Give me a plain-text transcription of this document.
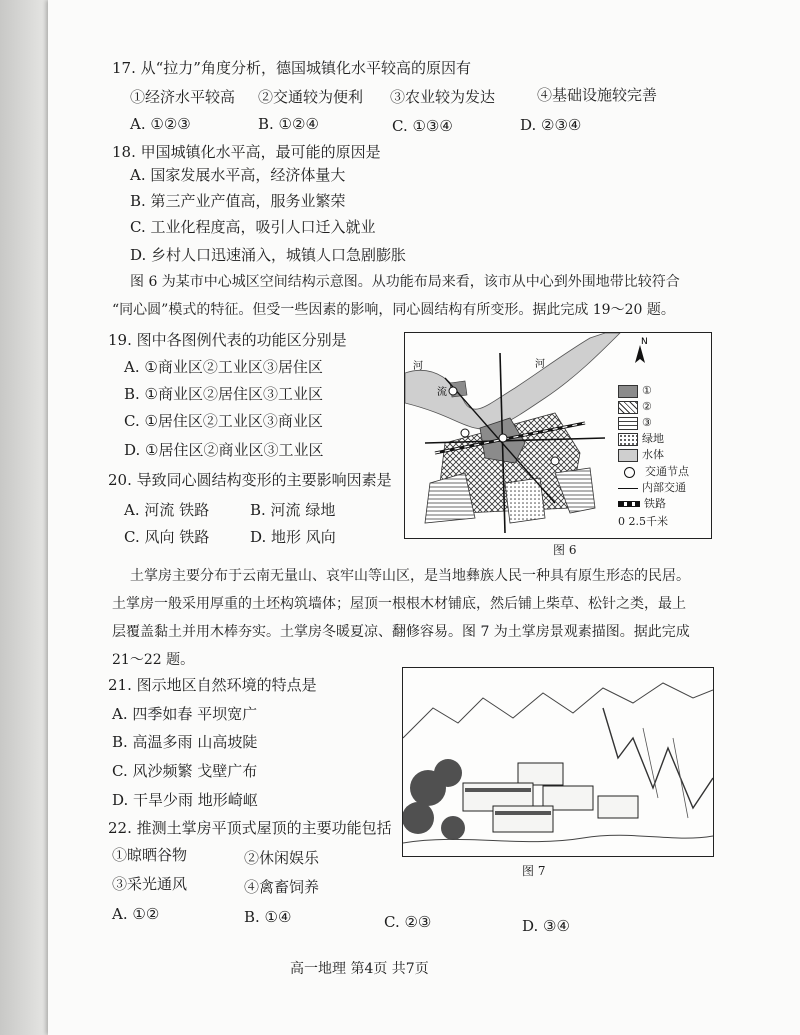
17. 从“拉力”角度分析，德国城镇化水平较高的原因有
①经济水平较高 ②交通较为便利 ③农业较为发达	④基础设施较完善
A. ①②③	B. ①②④	C. ①③④	D. ②③④
18. 甲国城镇化水平高，最可能的原因是
A. 国家发展水平高，经济体量大
B. 第三产业产值高，服务业繁荣
C. 工业化程度高，吸引人口迁入就业
D. 乡村人口迅速涌入，城镇人口急剧膨胀
图 6 为某市中心城区空间结构示意图。从功能布局来看，该市从中心到外围地带比较符合
“同心圆”模式的特征。但受一些因素的影响，同心圆结构有所变形。据此完成 19～20 题。
19. 图中各图例代表的功能区分别是
A. ①商业区②工业区③居住区
B. ①商业区②居住区③工业区
C. ①居住区②工业区③商业区
D. ①居住区②商业区③工业区
20. 导致同心圆结构变形的主要影响因素是
A. 河流 铁路	B. 河流 绿地
C. 风向 铁路	D. 地形 风向
N
河
流
河
①
②
③
绿地
水体
交通节点
内部交通
铁路
0 2.5千米
图 6
土掌房主要分布于云南无量山、哀牢山等山区，是当地彝族人民一种具有原生形态的民居。
土掌房一般采用厚重的土坯构筑墙体；屋顶一根根木材铺底，然后铺上柴草、松针之类，最上
层覆盖黏土并用木棒夯实。土掌房冬暖夏凉、翻修容易。图 7 为土掌房景观素描图。据此完成
21～22 题。
21. 图示地区自然环境的特点是
A. 四季如春 平坝宽广
B. 高温多雨 山高坡陡
C. 风沙频繁 戈壁广布
D. 干旱少雨 地形崎岖
图 7
22. 推测土掌房平顶式屋顶的主要功能包括
①晾晒谷物	②休闲娱乐
③采光通风	④禽畜饲养
A. ①②	B. ①④	C. ②③	D. ③④
高一地理 第4页 共7页
